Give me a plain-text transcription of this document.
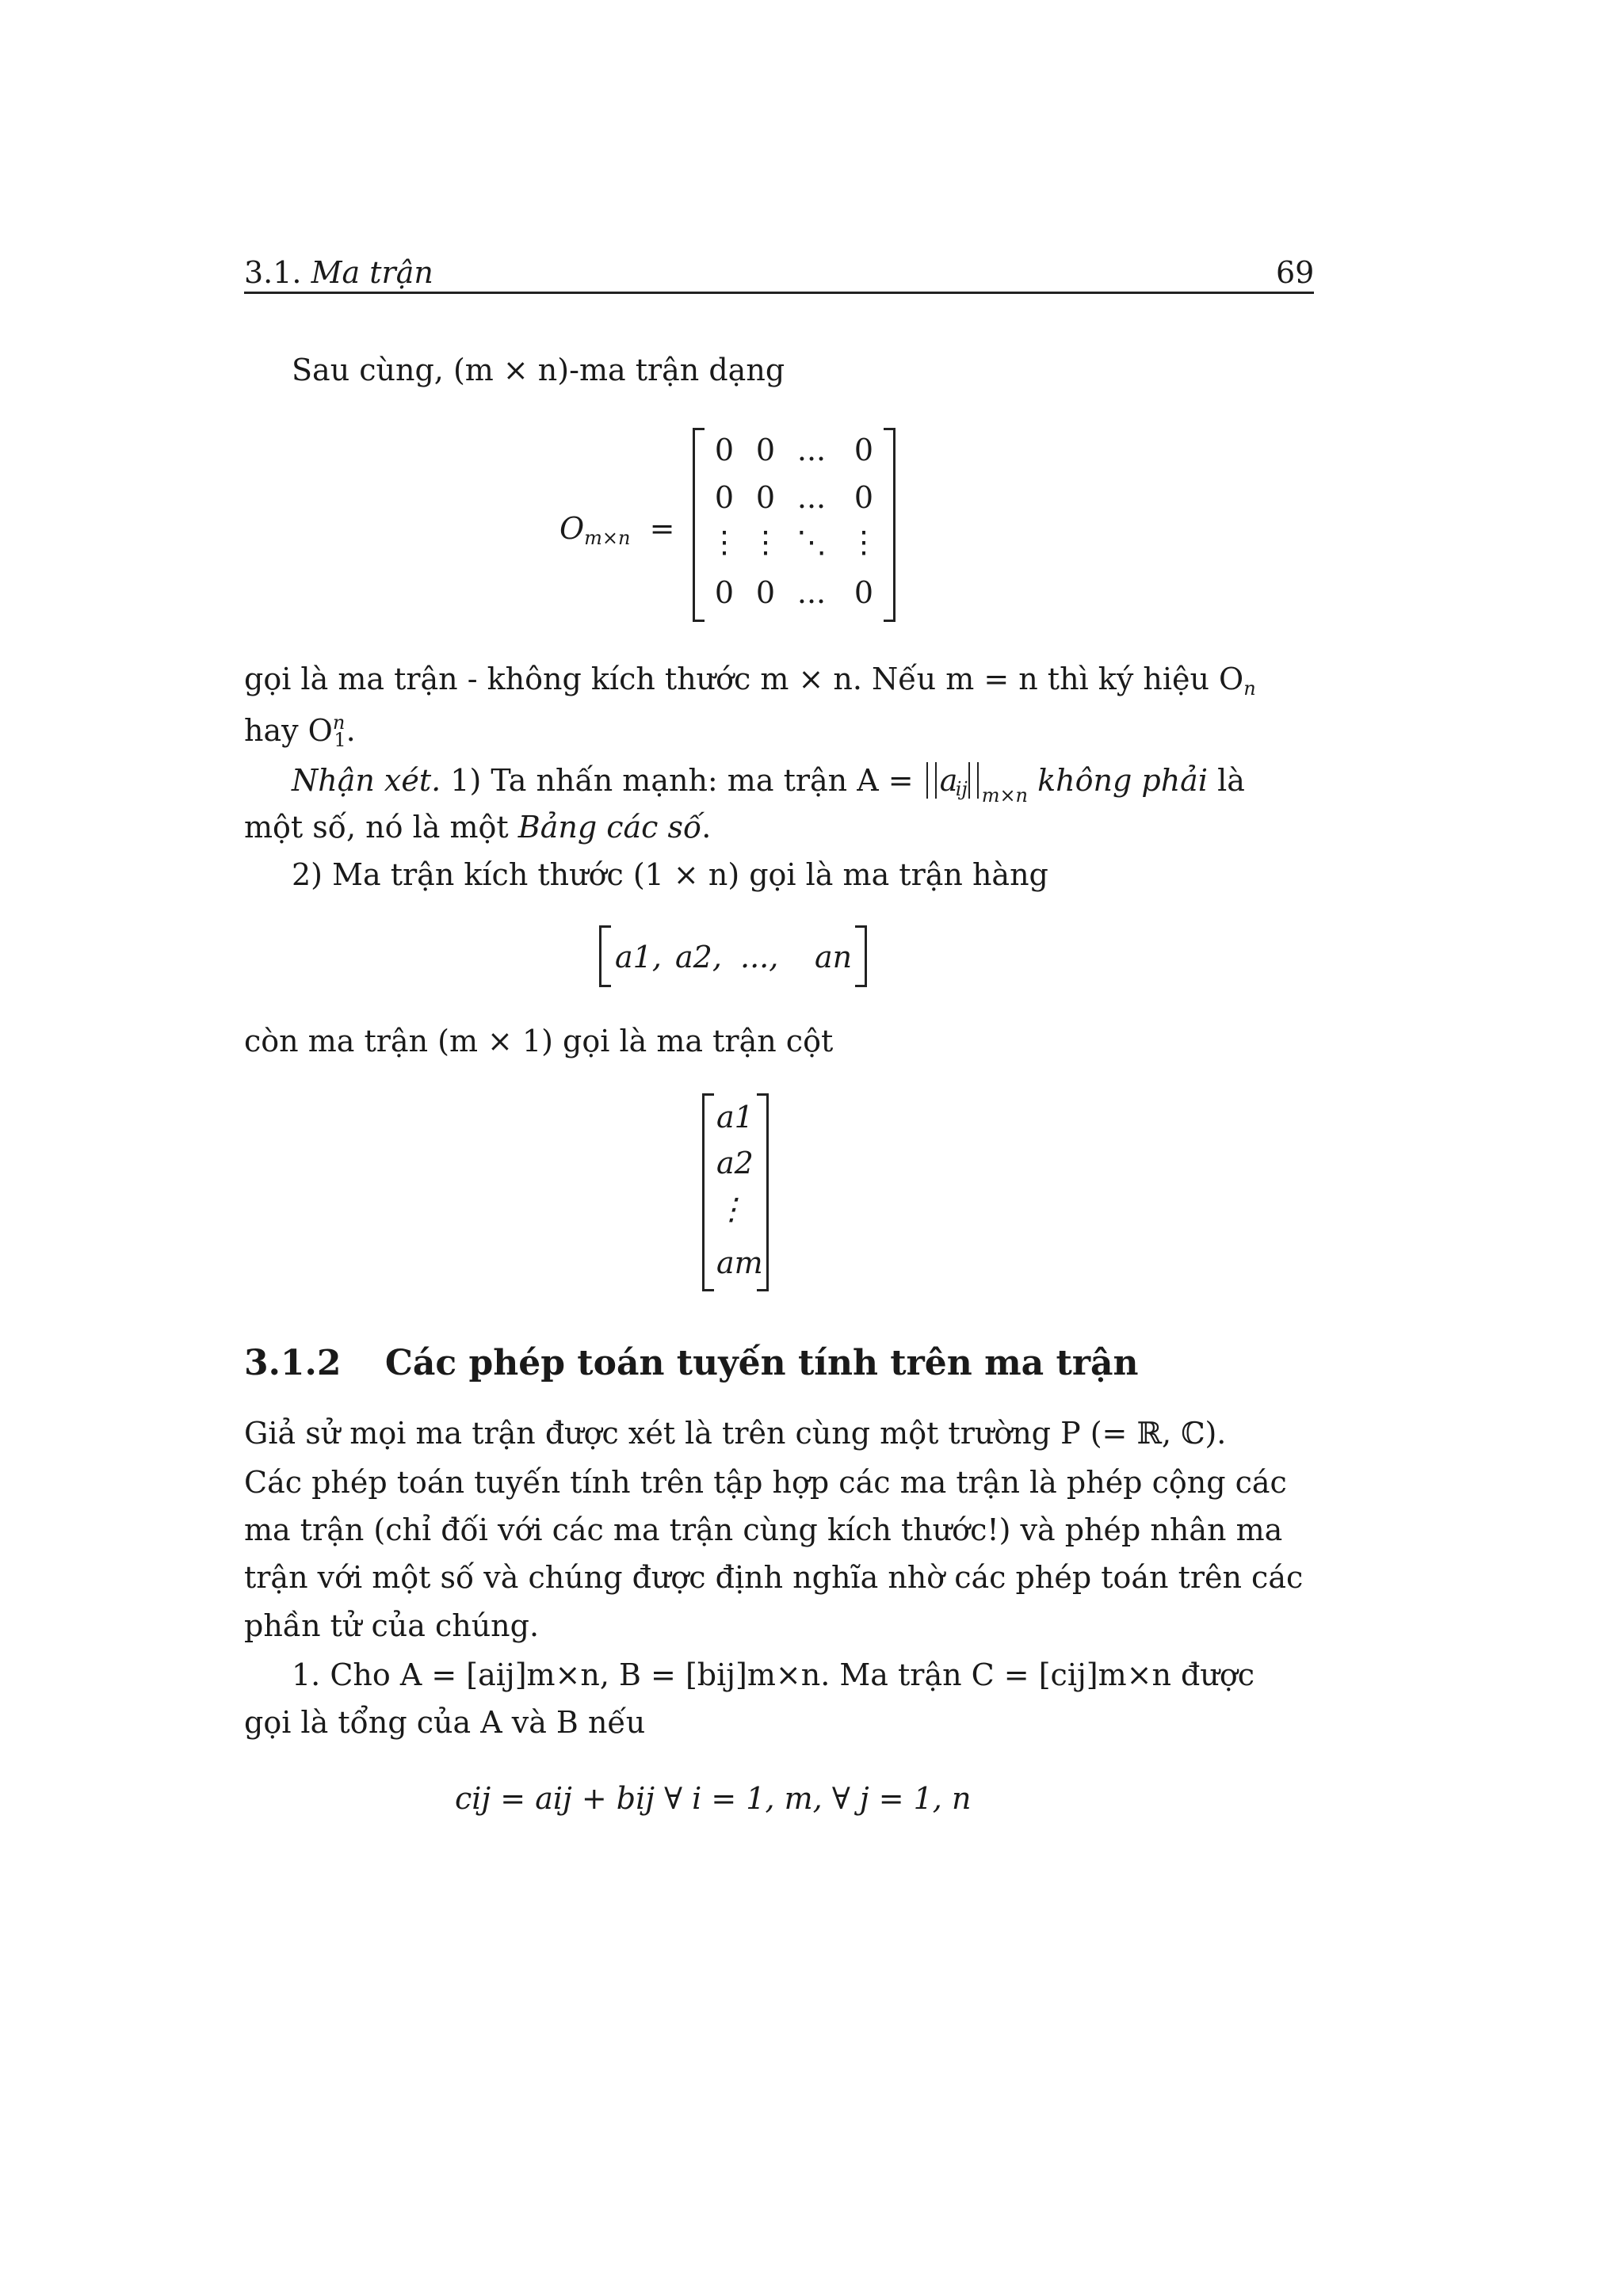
3.1. Ma trận	69
Sau cùng, (m × n)-ma trận dạng
$O_{m\times n}$ =
0 0 ... 0
0 0 ... 0
⋮ ⋮ ⋱ ⋮
0 0 ... 0
gọi là ma trận - không kích thước m × n. Nếu m = n thì ký hiệu $O_n$
hay $O^n_1$.
Nhận xét. 1) Ta nhấn mạnh: ma trận A = a
ij $_{m\times n}$ không phải là
một số, nó là một Bảng các số.
2) Ma trận kích thước (1 × n) gọi là ma trận hàng
a1, a2, ..., an
còn ma trận (m × 1) gọi là ma trận cột
a1
a2
⋮
am
3.1.2 Các phép toán tuyến tính trên ma trận
Giả sử mọi ma trận được xét là trên cùng một trường P (= ℝ, ℂ).
Các phép toán tuyến tính trên tập hợp các ma trận là phép cộng các
ma trận (chỉ đối với các ma trận cùng kích thước!) và phép nhân ma
trận với một số và chúng được định nghĩa nhờ các phép toán trên các
phần tử của chúng.
1. Cho A = [aij]m×n, B = [bij]m×n. Ma trận C = [cij]m×n được
gọi là tổng của A và B nếu
cij = aij + bij ∀ i = 1, m, ∀ j = 1, n
